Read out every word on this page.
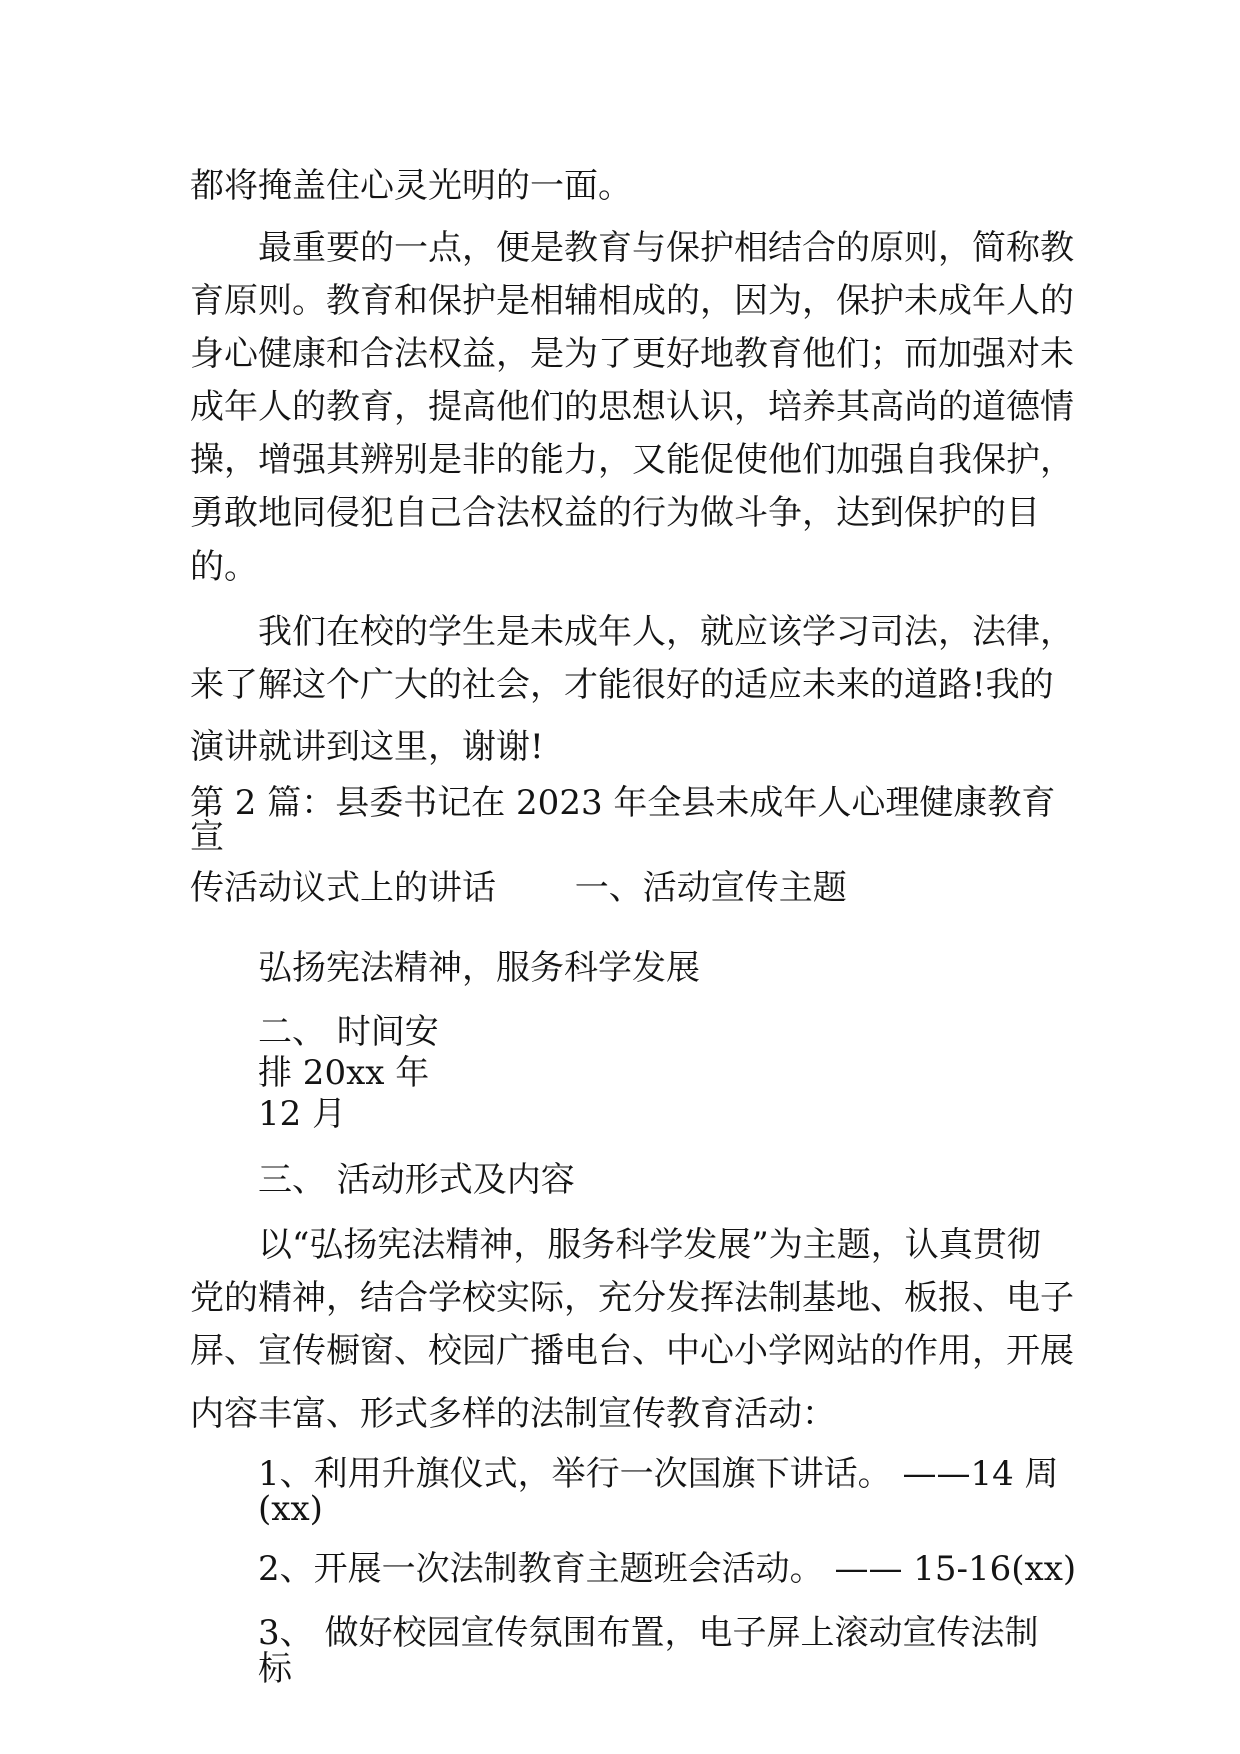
都将掩盖住心灵光明的一面。

最重要的一点，便是教育与保护相结合的原则，简称教

育原则。教育和保护是相辅相成的，因为，保护未成年人的

身心健康和合法权益，是为了更好地教育他们；而加强对未

成年人的教育，提高他们的思想认识，培养其高尚的道德情

操，增强其辨别是非的能力，又能促使他们加强自我保护，

勇敢地同侵犯自己合法权益的行为做斗争，达到保护的目

的。

我们在校的学生是未成年人，就应该学习司法，法律，

来了解这个广大的社会，才能很好的适应未来的道路!我的

演讲就讲到这里，谢谢!

第 2 篇：县委书记在 2023 年全县未成年人心理健康教育

宣

传活动议式上的讲话　　 一、活动宣传主题

弘扬宪法精神，服务科学发展

二、 时间安

排 20xx 年

12 月

三、 活动形式及内容

以“弘扬宪法精神，服务科学发展”为主题，认真贯彻

党的精神，结合学校实际，充分发挥法制基地、板报、电子

屏、宣传橱窗、校园广播电台、中心小学网站的作用，开展

内容丰富、形式多样的法制宣传教育活动：

1、利用升旗仪式，举行一次国旗下讲话。 ——14 周

(xx)

2、开展一次法制教育主题班会活动。 —— 15-16(xx)

3、 做好校园宣传氛围布置，电子屏上滚动宣传法制

标
